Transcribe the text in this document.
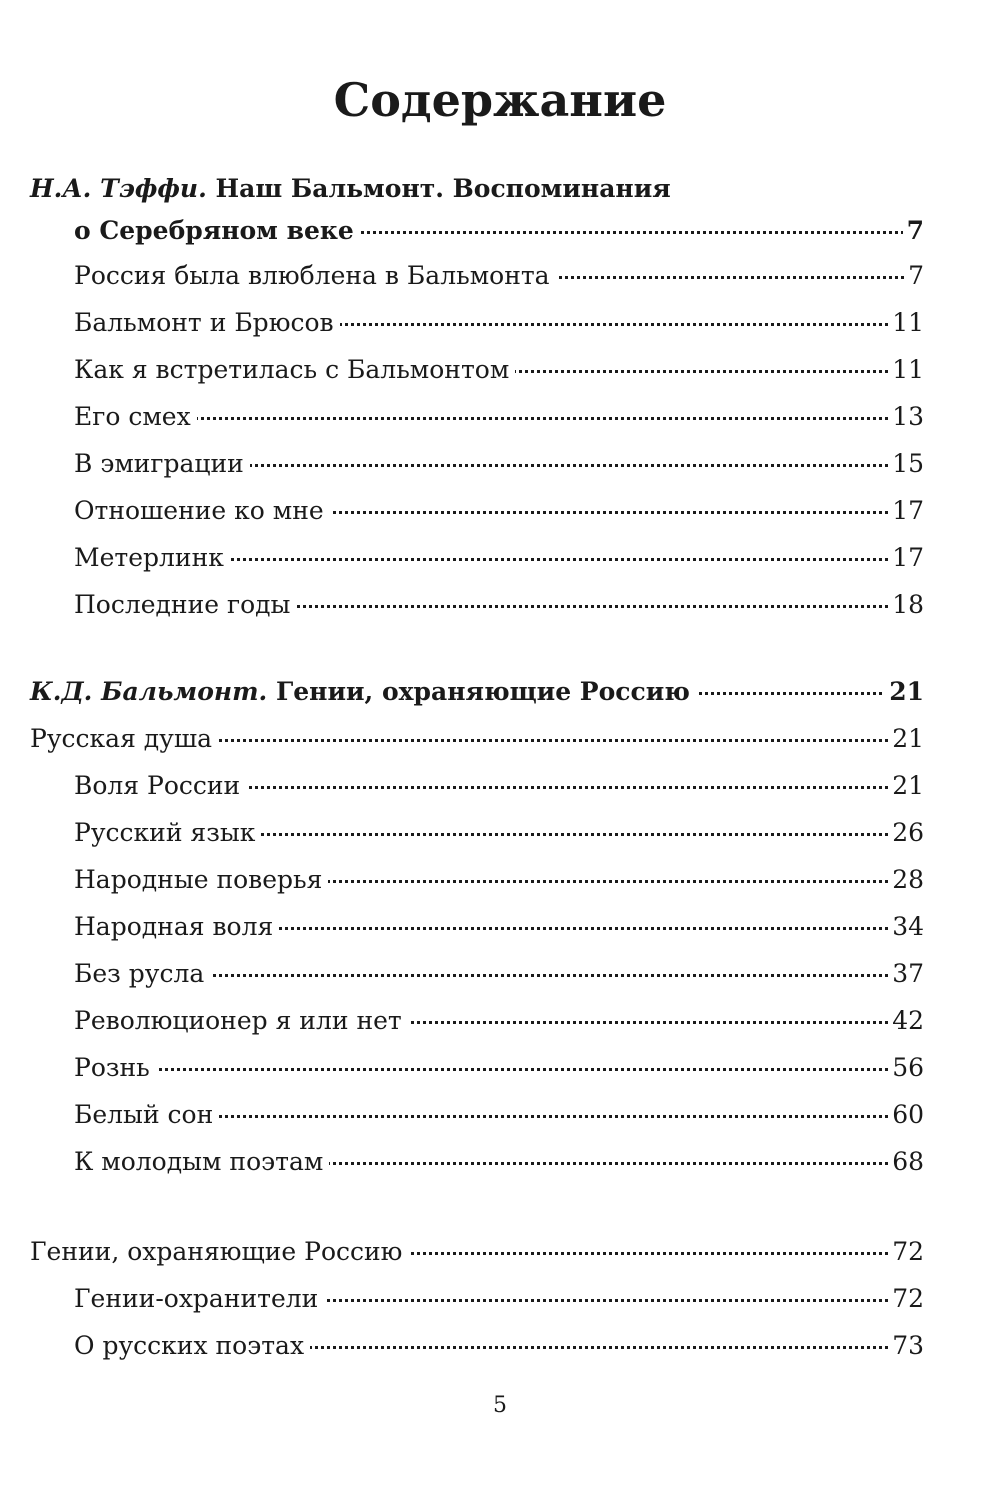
Содержание
Н.А. Тэффи. Наш Бальмонт. Воспоминания
о Серебряном веке	7
Россия была влюблена в Бальмонта	7
Бальмонт и Брюсов	11
Как я встретилась с Бальмонтом	11
Его смех	13
В эмиграции	15
Отношение ко мне	17
Метерлинк	17
Последние годы	18
К.Д. Бальмонт. Гении, охраняющие Россию	21
Русская душа	21
Воля России	21
Русский язык	26
Народные поверья	28
Народная воля	34
Без русла	37
Революционер я или нет	42
Рознь	56
Белый сон	60
К молодым поэтам	68
Гении, охраняющие Россию	72
Гении-охранители	72
О русских поэтах	73
5
